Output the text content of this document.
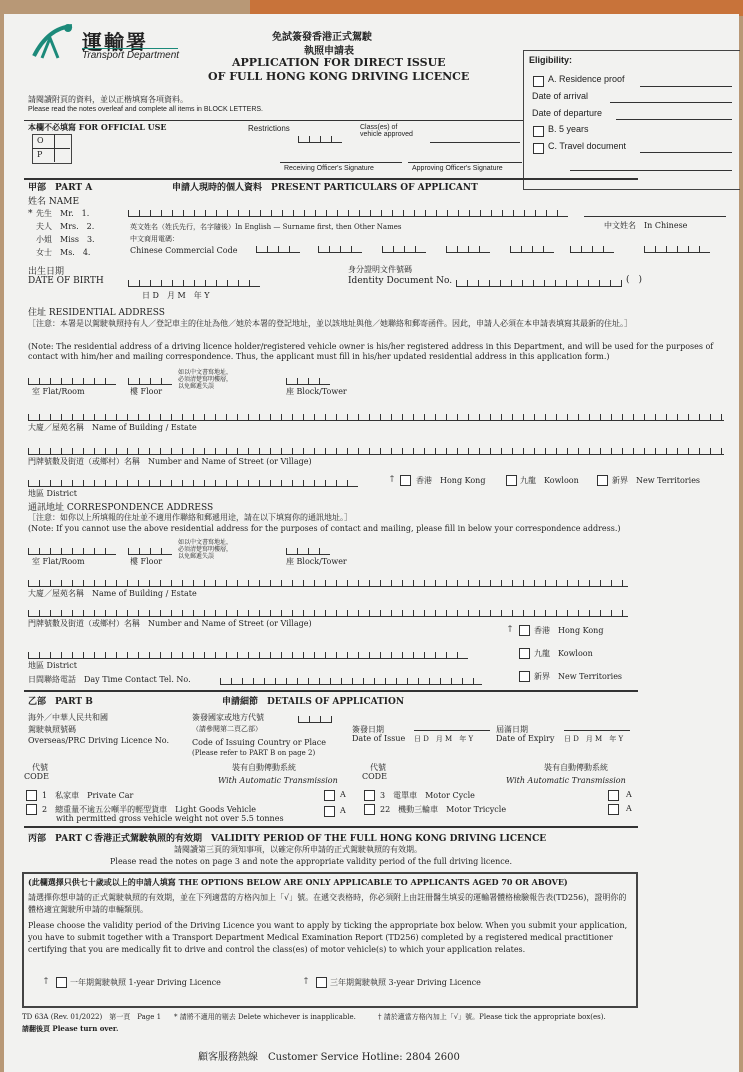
運輸署
Transport Department
免試簽發香港正式駕駛
執照申請表
APPLICATION FOR DIRECT ISSUE
OF FULL HONG KONG DRIVING LICENCE
請閱讀附頁的資料，並以正楷填寫各項資料。
Please read the notes overleaf and complete all items in BLOCK LETTERS.
Eligibility:
A. Residence proof
Date of arrival
Date of departure
B. 5 years
C. Travel document
本欄不必填寫 FOR OFFICIAL USE
O
P
Restrictions	Class(es) of
vehicle approved
Receiving Officer's Signature	Approving Officer's Signature
甲部　PART A	申請人現時的個人資料　PRESENT PARTICULARS OF APPLICANT
姓名 NAME
* 先生　Mr.　1.
夫人　Mrs.　2.
小姐　Miss　3.
女士　Ms.　4.
英文姓名（姓氏先行，名字隨後）In English — Surname first, then Other Names	中文姓名　In Chinese
中文商用電碼：
Chinese Commercial Code
出生日期
DATE OF BIRTH
日 D　月 M　年 Y
身分證明文件號碼
Identity Document No.	(　)
住址 RESIDENTIAL ADDRESS
［注意：本署是以駕駛執照持有人／登記車主的住址為他／她於本署的登記地址，並以該地址與他／她聯絡和郵寄函件。因此，申請人必須在本申請表填寫其最新的住址。］
(Note: The residential address of a driving licence holder/registered vehicle owner is his/her registered address in this Department, and will be used for the purposes of contact with him/her and mailing correspondence. Thus, the applicant must fill in his/her updated residential address in this application form.)
如以中文書寫地址，必須清楚寫明樓層，以免郵遞失誤
室 Flat/Room	樓 Floor	座 Block/Tower
大廈／屋苑名稱　Name of Building / Estate
門牌號數及街道（或鄉村）名稱　Number and Name of Street (or Village)
†	香港　Hong Kong	九龍　Kowloon	新界　New Territories
地區 District
通訊地址 CORRESPONDENCE ADDRESS
［注意：如你以上所填報的住址並不適用作聯絡和郵遞用途，請在以下填寫你的通訊地址。］
(Note: If you cannot use the above residential address for the purposes of contact and mailing, please fill in below your correspondence address.)
如以中文書寫地址，必須清楚寫明樓層，以免郵遞失誤
室 Flat/Room	樓 Floor	座 Block/Tower
大廈／屋苑名稱　Name of Building / Estate
門牌號數及街道（或鄉村）名稱　Number and Name of Street (or Village)
地區 District
†	香港　Hong Kong
九龍　Kowloon
新界　New Territories
日間聯絡電話　Day Time Contact Tel. No.
乙部　PART B	申請細節　DETAILS OF APPLICATION
海外／中華人民共和國
駕駛執照號碼
Overseas/PRC Driving Licence No.
簽發國家或地方代號
（請參閱第二頁乙部）
Code of Issuing Country or Place
(Please refer to PART B on page 2)
簽發日期
Date of Issue 日 D　月 M　年 Y
屆滿日期
Date of Expiry 日 D　月 M　年 Y
代號
CODE
裝有自動傳動系統
With Automatic Transmission
1　私家車　Private Car	A
2　總重量不逾五公噸半的輕型貨車　Light Goods Vehicle
with permitted gross vehicle weight not over 5.5 tonnes
A
代號
CODE
裝有自動傳動系統
With Automatic Transmission
3　電單車　Motor Cycle	A
22　機動三輪車　Motor Tricycle	A
丙部　PART C 香港正式駕駛執照的有效期　VALIDITY PERIOD OF THE FULL HONG KONG DRIVING LICENCE
請閱讀第三頁的須知事項，以確定你所申請的正式駕駛執照的有效期。
Please read the notes on page 3 and note the appropriate validity period of the full driving licence.
(此欄選擇只供七十歲或以上的申請人填寫 THE OPTIONS BELOW ARE ONLY APPLICABLE TO APPLICANTS AGED 70 OR ABOVE)
請選擇你想申請的正式駕駛執照的有效期，並在下列適當的方格內加上「√」號。在遞交表格時，你必須附上由註冊醫生填妥的運輸署體格檢驗報告表(TD256)，證明你的體格適宜駕駛所申請的車輛類別。
Please choose the validity period of the Driving Licence you want to apply by ticking the appropriate box below. When you submit your application, you have to submit together with a Transport Department Medical Examination Report (TD256) completed by a registered medical practitioner certifying that you are medically fit to drive and control the class(es) of motor vehicle(s) to which your application relates.
†	一年期駕駛執照 1-year Driving Licence	†	三年期駕駛執照 3-year Driving Licence
TD 63A (Rev. 01/2022)　第一頁　Page 1 * 請將不適用的剔去 Delete whichever is inapplicable.	† 請於適當方格內加上「√」號。Please tick the appropriate box(es).
請翻後頁 Please turn over.
顧客服務熱線　Customer Service Hotline: 2804 2600
